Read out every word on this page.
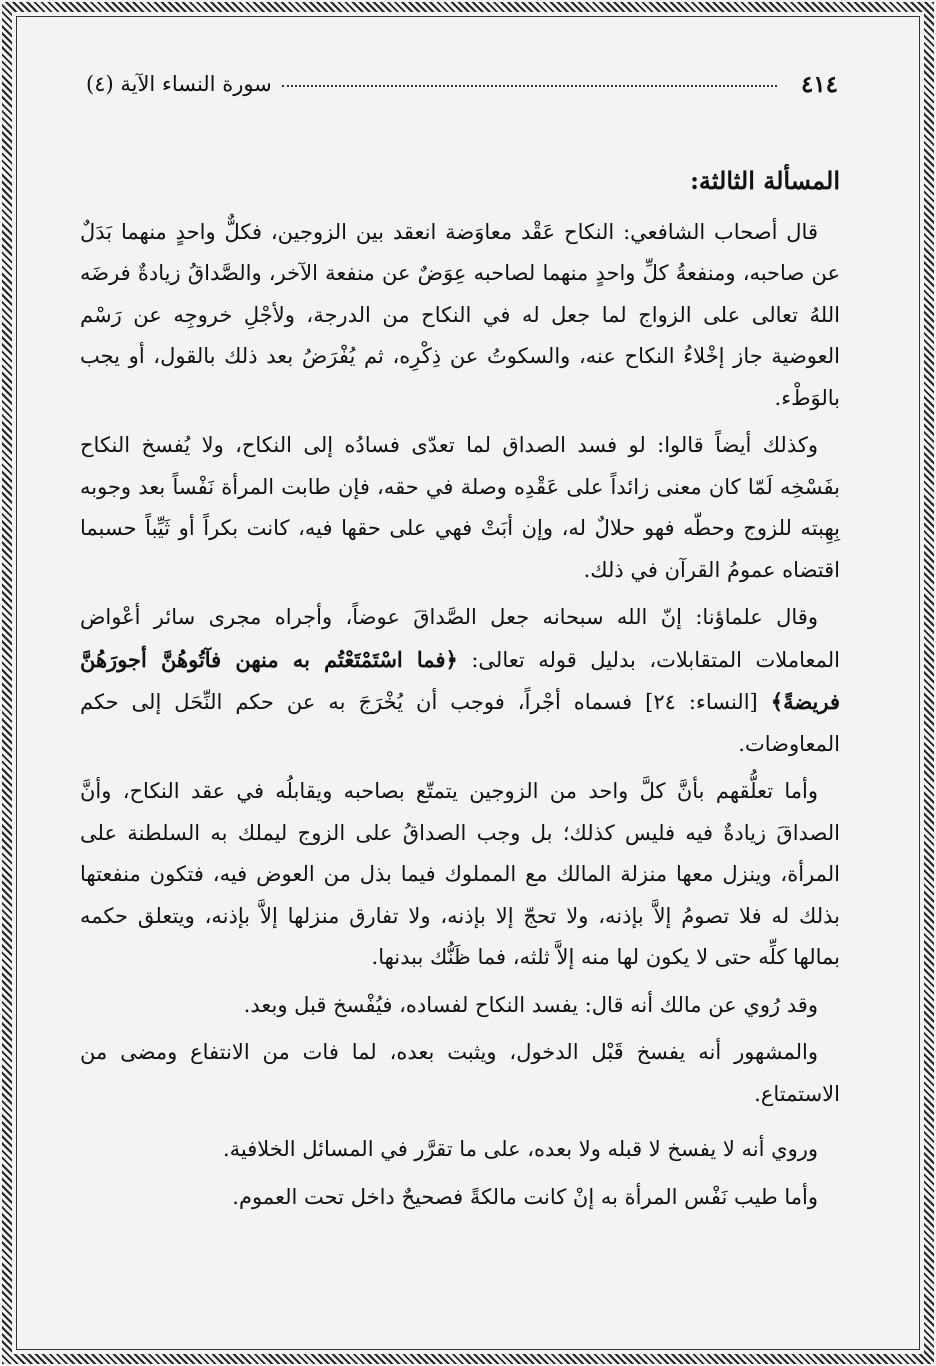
٤١٤
سورة النساء الآية (٤)
المسألة الثالثة:

قال أصحاب الشافعي: النكاح عَقْد معاوَضة انعقد بين الزوجين، فكلٌّ واحدٍ منهما بَدَلٌ عن صاحبه، ومنفعةُ كلِّ واحدٍ منهما لصاحبه عِوَضٌ عن منفعة الآخر، والصَّداقُ زيادةٌ فرضَه اللهُ تعالى على الزواج لما جعل له في النكاح من الدرجة، ولأجْلِ خروجِه عن رَسْم العوضية جاز إخْلاءُ النكاح عنه، والسكوتُ عن ذِكْرِه، ثم يُفْرَضُ بعد ذلك بالقول، أو يجب بالوَطْء.

وكذلك أيضاً قالوا: لو فسد الصداق لما تعدّى فسادُه إلى النكاح، ولا يُفسخ النكاح بفَسْخِه لَمّا كان معنى زائداً على عَقْدِه وصلة في حقه، فإن طابت المرأة نَفْساً بعد وجوبه بِهِبته للزوج وحطّه فهو حلالٌ له، وإن أبَتْ فهي على حقها فيه، كانت بكراً أو ثَيِّباً حسبما اقتضاه عمومُ القرآن في ذلك.

وقال علماؤنا: إنّ الله سبحانه جعل الصَّداقَ عوضاً، وأجراه مجرى سائر أعْواض المعاملات المتقابلات، بدليل قوله تعالى: ﴿فما اسْتَمْتَعْتُم به منهن فآتُوهُنَّ أجورَهُنَّ فريضةً﴾ [النساء: ٢٤] فسماه أجْراً، فوجب أن يُخْرَجَ به عن حكم النِّحَل إلى حكم المعاوضات.

وأما تعلُّقهم بأنَّ كلَّ واحد من الزوجين يتمتّع بصاحبه ويقابلُه في عقد النكاح، وأنَّ الصداقَ زيادةٌ فيه فليس كذلك؛ بل وجب الصداقُ على الزوج ليملك به السلطنة على المرأة، وينزل معها منزلة المالك مع المملوك فيما بذل من العوض فيه، فتكون منفعتها بذلك له فلا تصومُ إلاَّ بإذنه، ولا تحجّ إلا بإذنه، ولا تفارق منزلها إلاَّ بإذنه، ويتعلق حكمه بمالها كلِّه حتى لا يكون لها منه إلاَّ ثلثه، فما ظَنُّك ببدنها.

وقد رُوي عن مالك أنه قال: يفسد النكاح لفساده، فيُفْسخ قبل وبعد.

والمشهور أنه يفسخ قَبْل الدخول، ويثبت بعده، لما فات من الانتفاع ومضى من الاستمتاع.

وروي أنه لا يفسخ لا قبله ولا بعده، على ما تقرَّر في المسائل الخلافية.

وأما طيب نَفْس المرأة به إنْ كانت مالكةً فصحيحٌ داخل تحت العموم.
